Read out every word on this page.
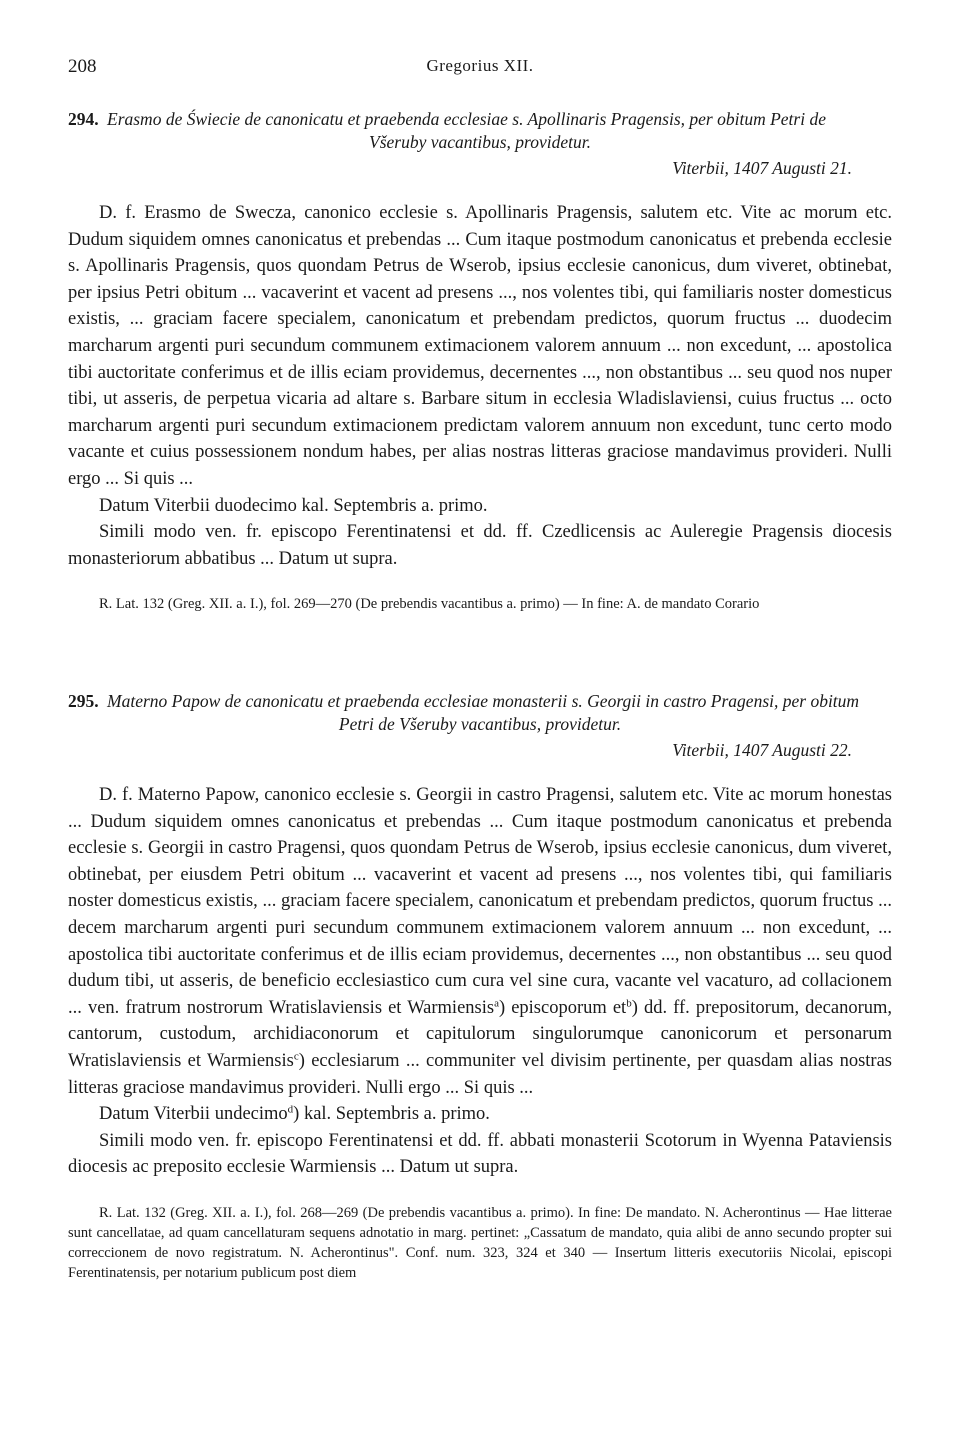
208	Gregorius XII.
294. Erasmo de Świecie de canonicatu et praebenda ecclesiae s. Apollinaris Pragensis, per obitum Petri de
Všeruby vacantibus, providetur.
Viterbii, 1407 Augusti 21.

D. f. Erasmo de Swecza, canonico ecclesie s. Apollinaris Pragensis, salutem etc. Vite ac morum etc. Dudum siquidem omnes canonicatus et prebendas ... Cum itaque postmodum canonicatus et prebenda ecclesie s. Apollinaris Pragensis, quos quondam Petrus de Wserob, ipsius ecclesie canonicus, dum viveret, obtinebat, per ipsius Petri obitum ... vacaverint et vacent ad presens ..., nos volentes tibi, qui familiaris noster domesticus existis, ... graciam facere specialem, canonicatum et prebendam predictos, quorum fructus ... duodecim marcharum argenti puri secundum communem extimacionem valorem annuum ... non excedunt, ... apostolica tibi auctoritate conferimus et de illis eciam providemus, decernentes ..., non obstantibus ... seu quod nos nuper tibi, ut asseris, de perpetua vicaria ad altare s. Barbare situm in ecclesia Wladislaviensi, cuius fructus ... octo marcharum argenti puri secundum extimacionem predictam valorem annuum non excedunt, tunc certo modo vacante et cuius possessionem nondum habes, per alias nostras litteras graciose mandavimus provideri. Nulli ergo ... Si quis ...

Datum Viterbii duodecimo kal. Septembris a. primo.

Simili modo ven. fr. episcopo Ferentinatensi et dd. ff. Czedlicensis ac Auleregie Pragensis diocesis monasteriorum abbatibus ... Datum ut supra.

R. Lat. 132 (Greg. XII. a. I.), fol. 269—270 (De prebendis vacantibus a. primo) — In fine: A. de mandato Corario

295. Materno Papow de canonicatu et praebenda ecclesiae monasterii s. Georgii in castro Pragensi, per obitum
Petri de Všeruby vacantibus, providetur.
Viterbii, 1407 Augusti 22.

D. f. Materno Papow, canonico ecclesie s. Georgii in castro Pragensi, salutem etc. Vite ac morum honestas ... Dudum siquidem omnes canonicatus et prebendas ... Cum itaque postmodum canonicatus et prebenda ecclesie s. Georgii in castro Pragensi, quos quondam Petrus de Wserob, ipsius ecclesie canonicus, dum viveret, obtinebat, per eiusdem Petri obitum ... vacaverint et vacent ad presens ..., nos volentes tibi, qui familiaris noster domesticus existis, ... graciam facere specialem, canonicatum et prebendam predictos, quorum fructus ... decem marcharum argenti puri secundum communem extimacionem valorem annuum ... non excedunt, ... apostolica tibi auctoritate conferimus et de illis eciam providemus, decernentes ..., non obstantibus ... seu quod dudum tibi, ut asseris, de beneficio ecclesiastico cum cura vel sine cura, vacante vel vacaturo, ad collacionem ... ven. fratrum nostrorum Wratislaviensis et Warmiensis$^a$) episcoporum $et^b$) dd. ff. prepositorum, decanorum, cantorum, custodum, archidiaconorum et capitulorum singulorumque canonicorum et personarum Wratislaviensis et Warmiensis$^c$) ecclesiarum ... communiter vel divisim pertinente, per quasdam alias nostras litteras graciose mandavimus provideri. Nulli ergo ... Si quis ...

Datum Viterbii undecimo$^d$) kal. Septembris a. primo.

Simili modo ven. fr. episcopo Ferentinatensi et dd. ff. abbati monasterii Scotorum in Wyenna Pataviensis diocesis ac preposito ecclesie Warmiensis ... Datum ut supra.

R. Lat. 132 (Greg. XII. a. I.), fol. 268—269 (De prebendis vacantibus a. primo). In fine: De mandato. N. Acherontinus — Hae litterae sunt cancellatae, ad quam cancellaturam sequens adnotatio in marg. pertinet: „Cassatum de mandato, quia alibi de anno secundo propter sui correccionem de novo registratum. N. Acherontinus". Conf. num. 323, 324 et 340 — Insertum litteris executoriis Nicolai, episcopi Ferentinatensis, per notarium publicum post diem
